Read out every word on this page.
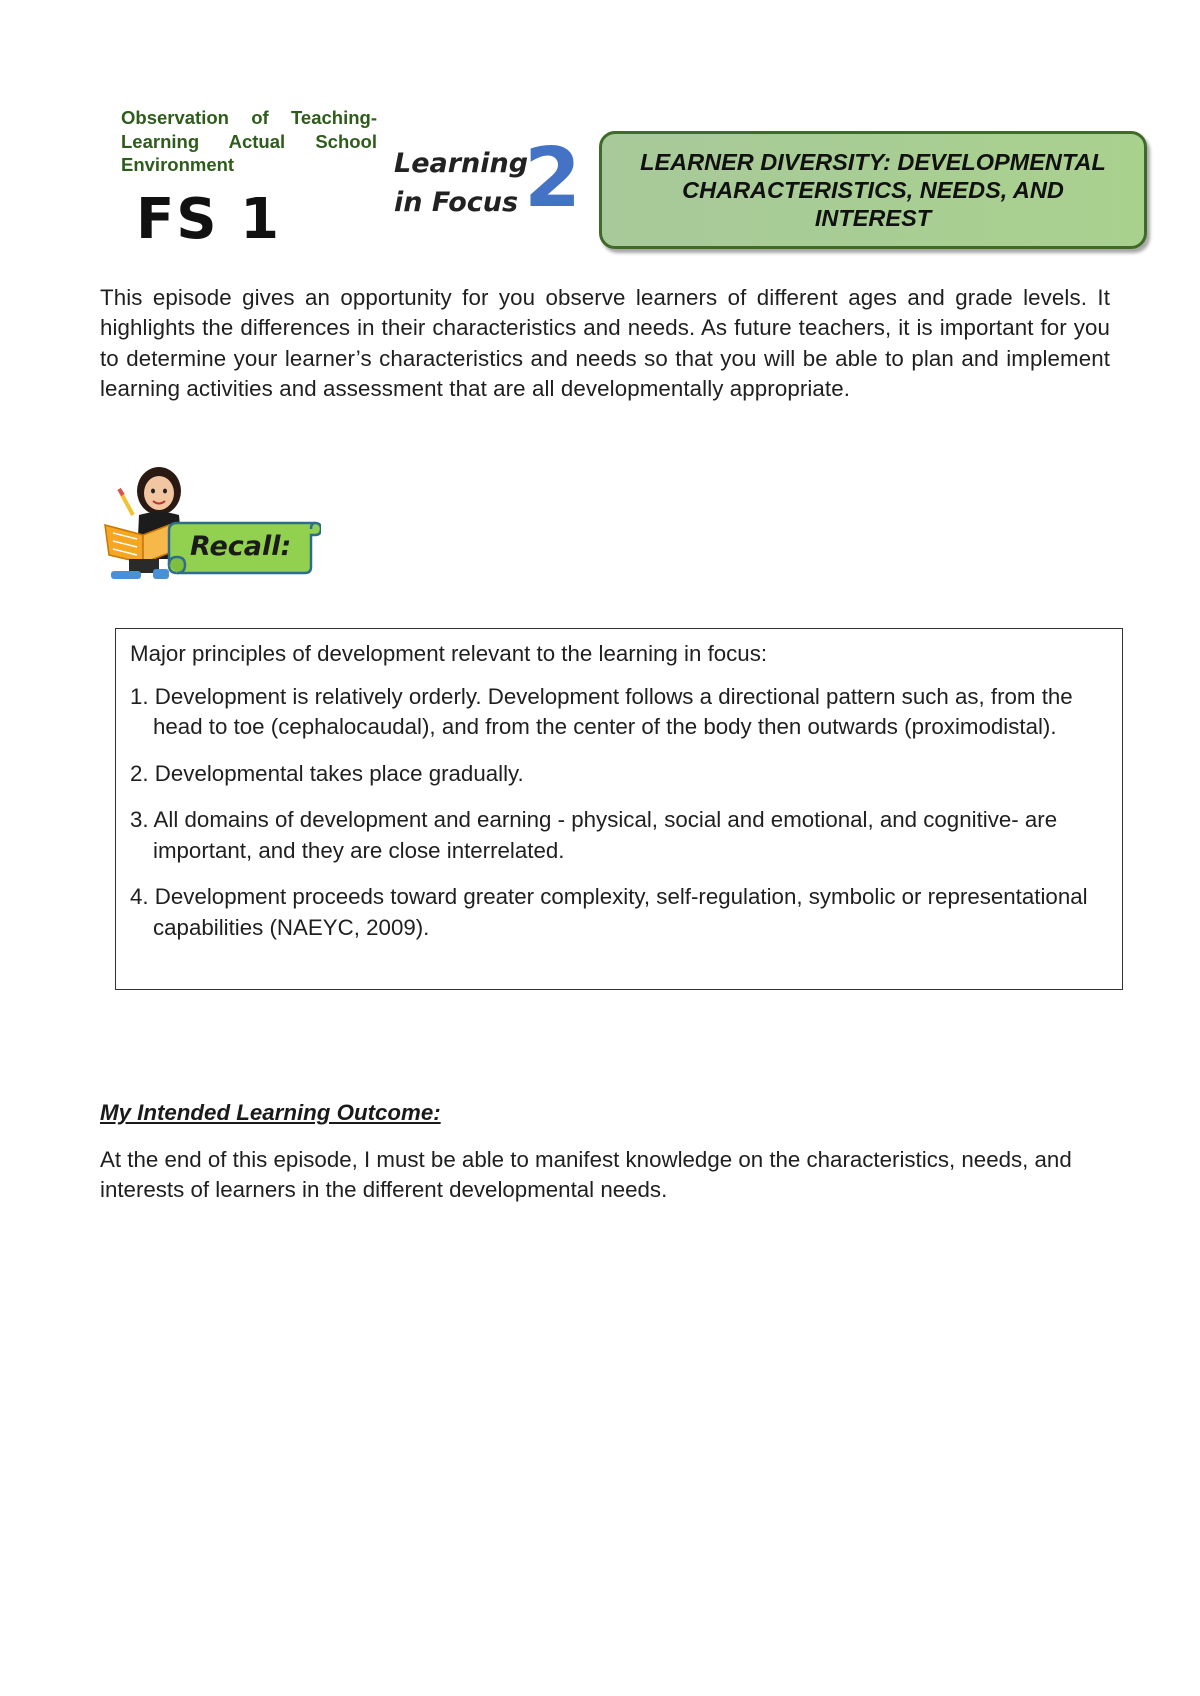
Observation of Teaching-
Learning Actual School
Environment
FS 1
Learning
in Focus 2	LEARNER DIVERSITY: DEVELOPMENTAL
CHARACTERISTICS, NEEDS, AND
INTEREST
This episode gives an opportunity for you observe learners of different ages and grade levels. It highlights the differences in their characteristics and needs. As future teachers, it is important for you to determine your learner’s characteristics and needs so that you will be able to plan and implement learning activities and assessment that are all developmentally appropriate.
Recall:

Major principles of development relevant to the learning in focus:

1. Development is relatively orderly. Development follows a directional pattern such as, from the head to toe (cephalocaudal), and from the center of the body then outwards (proximodistal).
2. Developmental takes place gradually.
3. All domains of development and earning - physical, social and emotional, and cognitive- are important, and they are close interrelated.
4. Development proceeds toward greater complexity, self-regulation, symbolic or representational capabilities (NAEYC, 2009).
My Intended Learning Outcome:
At the end of this episode, I must be able to manifest knowledge on the characteristics, needs, and interests of learners in the different developmental needs.
